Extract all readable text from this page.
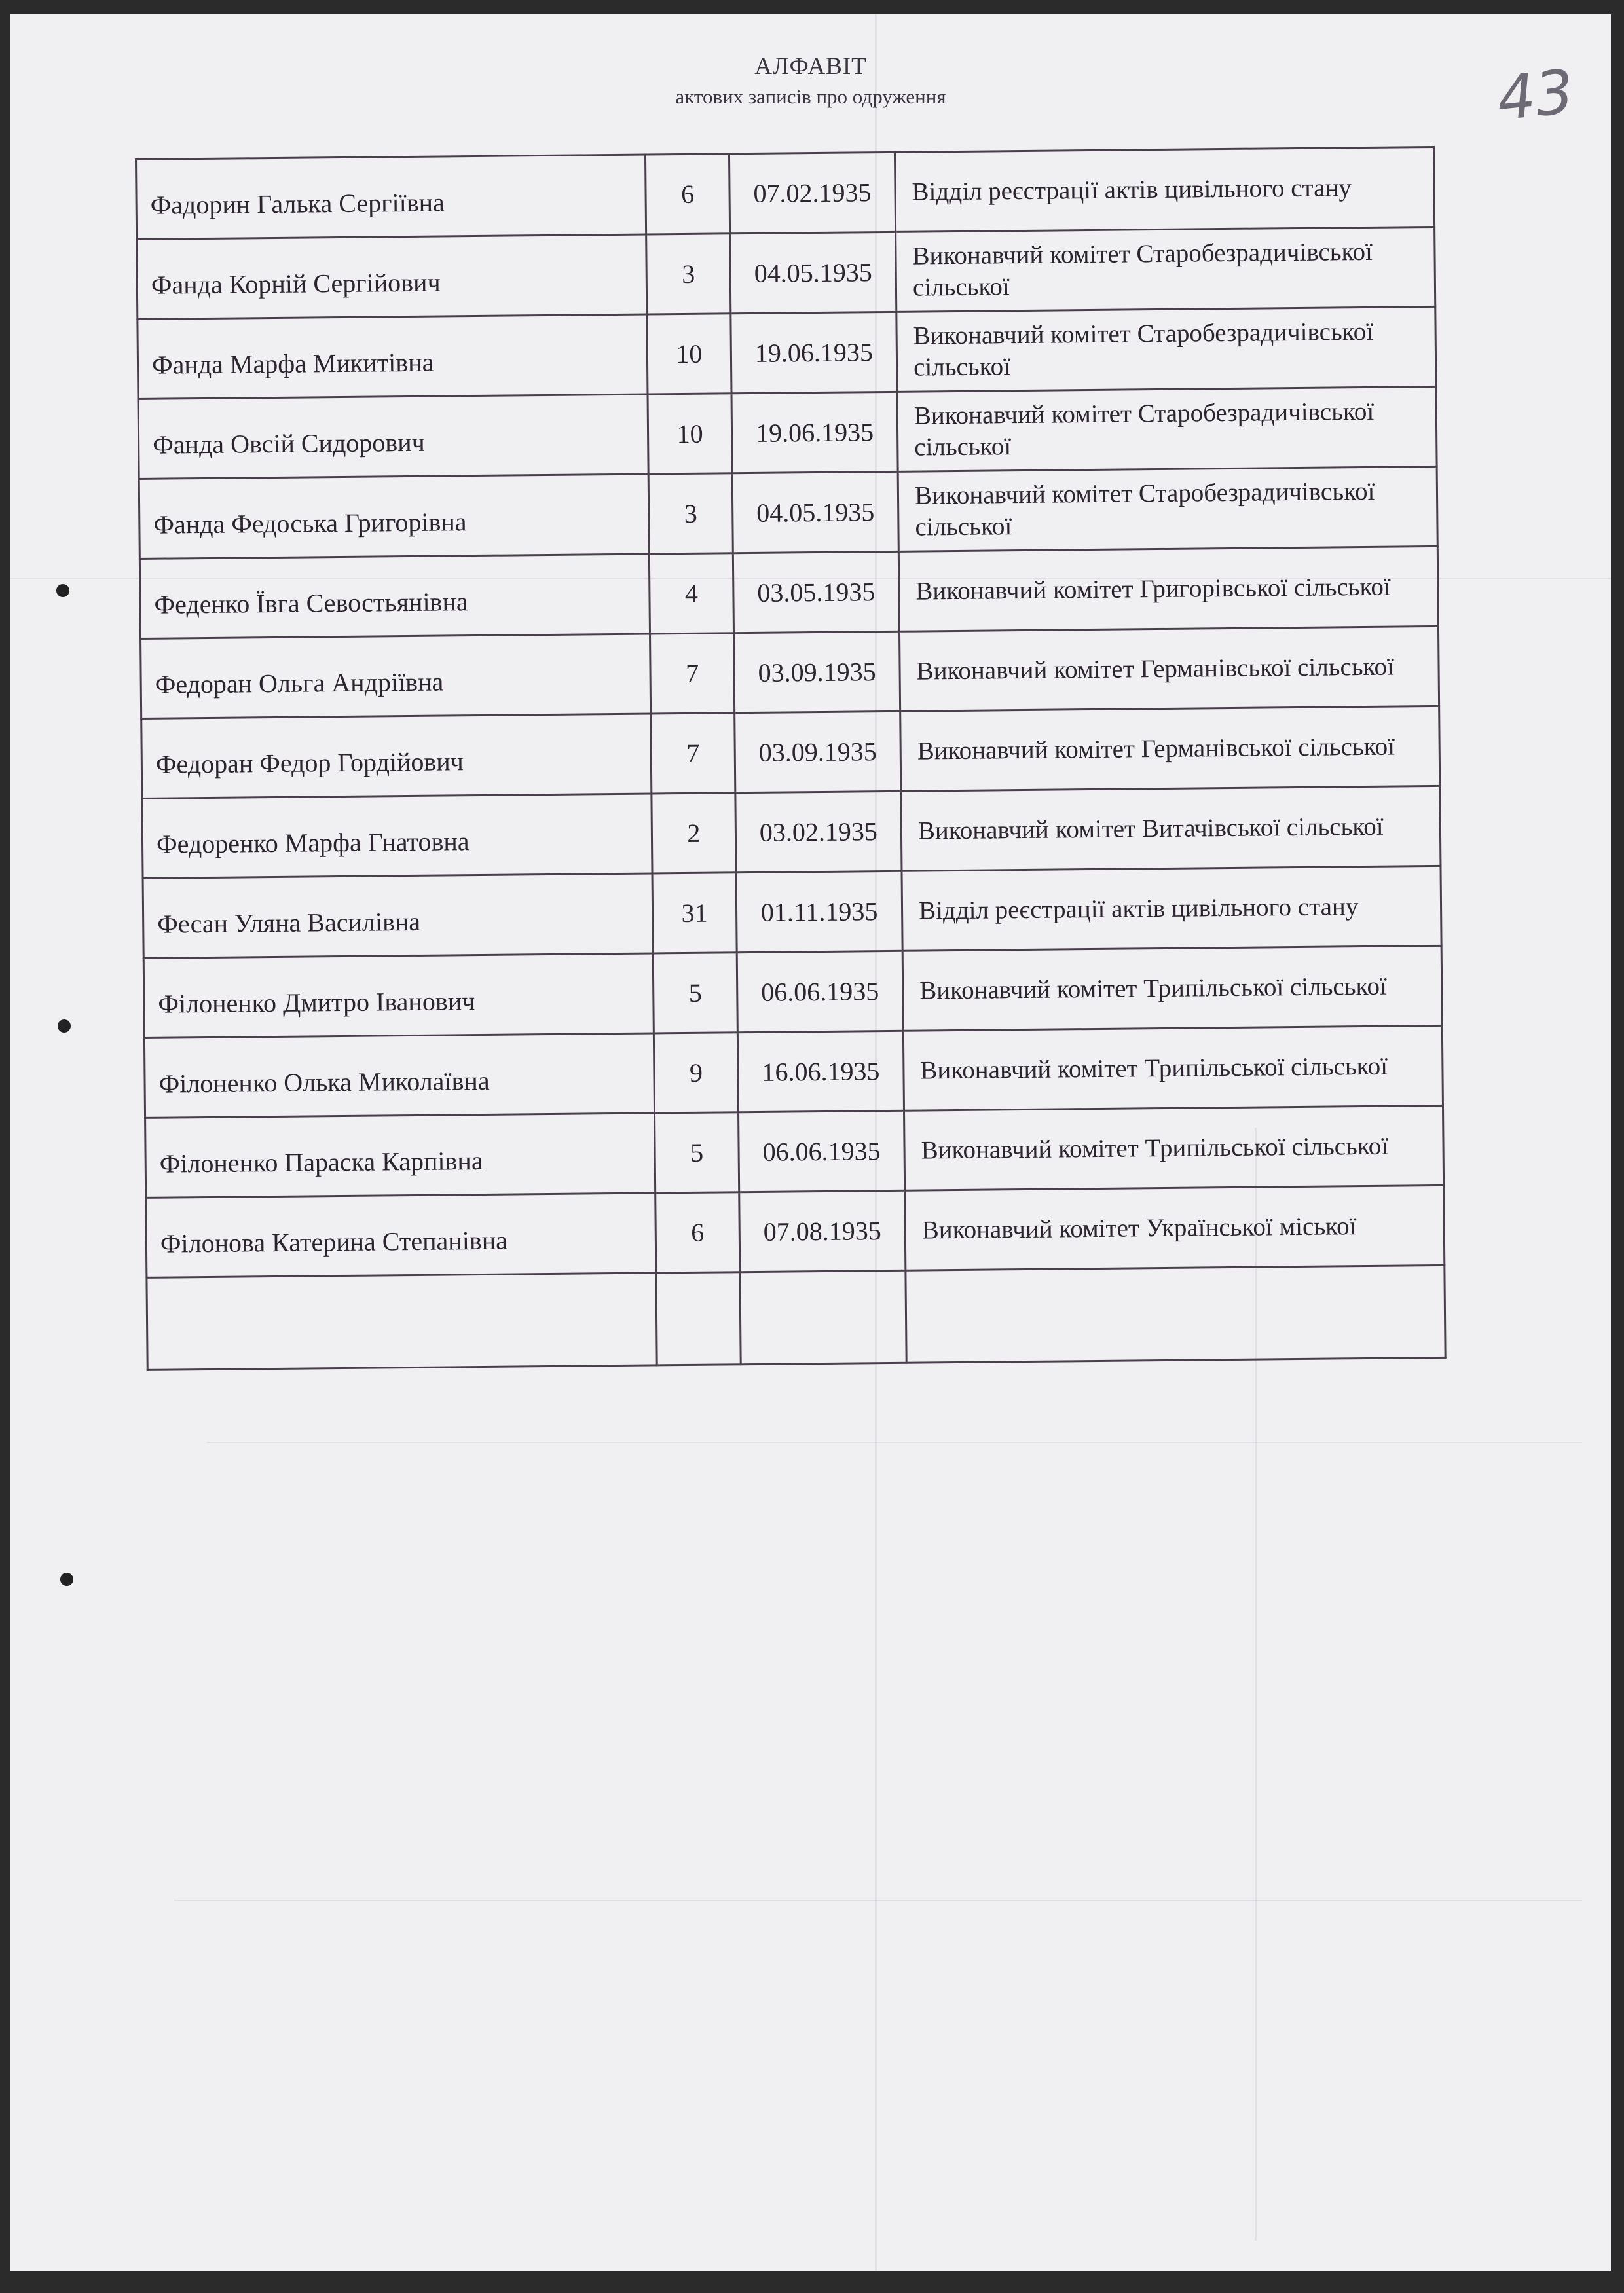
АЛФАВІТ
актових записів про одруження	43
Фадорин Галька Сергіївна	6	07.02.1935	Відділ реєстрації актів цивільного стану
Фанда Корній Сергійович	3	04.05.1935	Виконавчий комітет Старобезрадичівської сільської
Фанда Марфа Микитівна	10	19.06.1935	Виконавчий комітет Старобезрадичівської сільської
Фанда Овсій Сидорович	10	19.06.1935	Виконавчий комітет Старобезрадичівської сільської
Фанда Федоська Григорівна	3	04.05.1935	Виконавчий комітет Старобезрадичівської сільської
Феденко Ївга Севостьянівна	4	03.05.1935	Виконавчий комітет Григорівської сільської
Федоран Ольга Андріївна	7	03.09.1935	Виконавчий комітет Германівської сільської
Федоран Федор Гордійович	7	03.09.1935	Виконавчий комітет Германівської сільської
Федоренко Марфа Гнатовна	2	03.02.1935	Виконавчий комітет Витачівської сільської
Фесан Уляна Василівна	31	01.11.1935	Відділ реєстрації актів цивільного стану
Філоненко Дмитро Іванович	5	06.06.1935	Виконавчий комітет Трипільської сільської
Філоненко Олька Миколаївна	9	16.06.1935	Виконавчий комітет Трипільської сільської
Філоненко Параска Карпівна	5	06.06.1935	Виконавчий комітет Трипільської сільської
Філонова Катерина Степанівна	6	07.08.1935	Виконавчий комітет Української міської
